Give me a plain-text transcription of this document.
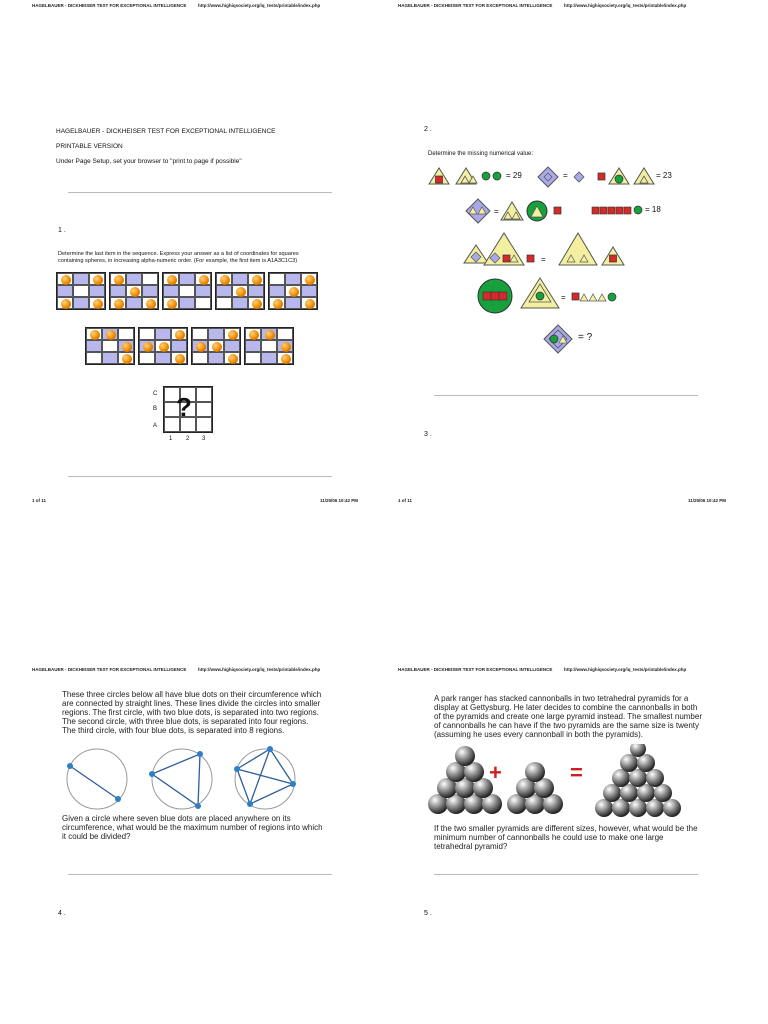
HAGELBAUER - DICKHEISER TEST FOR EXCEPTIONAL INTELLIGENCE	http://www.highiqsociety.org/iq_tests/printable/index.php
HAGELBAUER - DICKHEISER TEST FOR EXCEPTIONAL INTELLIGENCE
PRINTABLE VERSION
Under Page Setup, set your browser to "print to page if possible"
1 .
Determine the last item in the sequence. Express your answer as a list of coordinates for squares containing spheres, in increasing alpha-numeric order. (For example, the first item is A1A3C1C3)
C
B
A
?
1 2 3
1 of 11	11/25/06 10:42 PM
HAGELBAUER - DICKHEISER TEST FOR EXCEPTIONAL INTELLIGENCE	http://www.highiqsociety.org/iq_tests/printable/index.php
2 .
Determine the missing numerical value:
= 29	=	= 23
=	= 18
=
=
= ?
3 .
1 of 11	11/25/06 10:42 PM
HAGELBAUER - DICKHEISER TEST FOR EXCEPTIONAL INTELLIGENCE	http://www.highiqsociety.org/iq_tests/printable/index.php
These three circles below all have blue dots on their circumference which are connected by straight lines. These lines divide the circles into smaller regions. The first circle, with two blue dots, is separated into two regions. The second circle, with three blue dots, is separated into four regions. The third circle, with four blue dots, is separated into 8 regions.
Given a circle where seven blue dots are placed anywhere on its circumference, what would be the maximum number of regions into which it could be divided?
4 .
HAGELBAUER - DICKHEISER TEST FOR EXCEPTIONAL INTELLIGENCE	http://www.highiqsociety.org/iq_tests/printable/index.php
A park ranger has stacked cannonballs in two tetrahedral pyramids for a display at Gettysburg. He later decides to combine the cannonballs in both of the pyramids and create one large pyramid instead. The smallest number of cannonballs he can have if the two pyramids are the same size is twenty (assuming he uses every cannonball in both the pyramids).
+	=
If the two smaller pyramids are different sizes, however, what would be the minimum number of cannonballs he could use to make one large tetrahedral pyramid?
5 .
